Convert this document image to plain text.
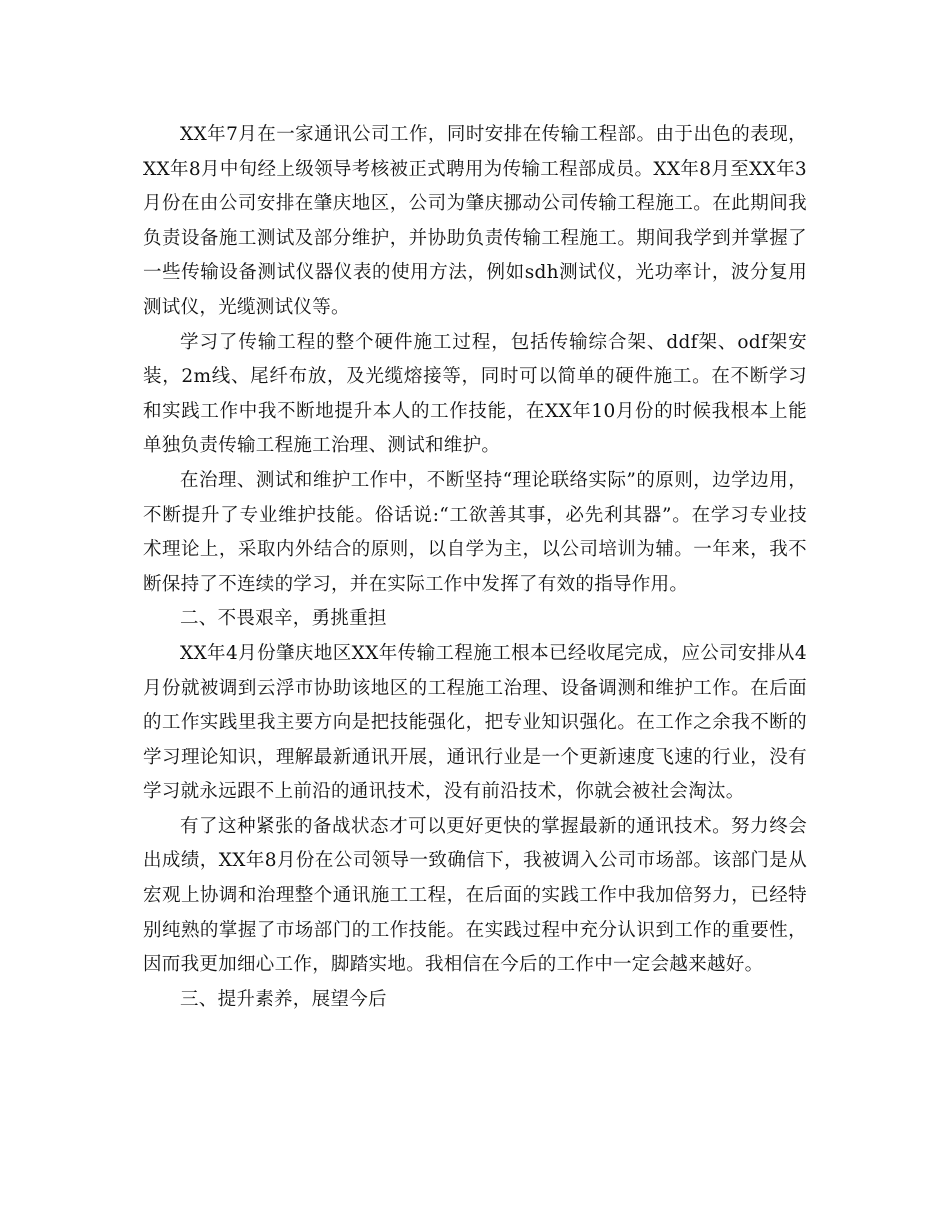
XX年7月在一家通讯公司工作，同时安排在传输工程部。由于出色的表现，XX年8月中旬经上级领导考核被正式聘用为传输工程部成员。XX年8月至XX年3月份在由公司安排在肇庆地区，公司为肇庆挪动公司传输工程施工。在此期间我负责设备施工测试及部分维护，并协助负责传输工程施工。期间我学到并掌握了一些传输设备测试仪器仪表的使用方法，例如sdh测试仪，光功率计，波分复用测试仪，光缆测试仪等。

学习了传输工程的整个硬件施工过程，包括传输综合架、ddf架、odf架安装，2m线、尾纤布放，及光缆熔接等，同时可以简单的硬件施工。在不断学习和实践工作中我不断地提升本人的工作技能，在XX年10月份的时候我根本上能单独负责传输工程施工治理、测试和维护。

在治理、测试和维护工作中，不断坚持“理论联络实际”的原则，边学边用，不断提升了专业维护技能。俗话说:“工欲善其事，必先利其器”。在学习专业技术理论上，采取内外结合的原则，以自学为主，以公司培训为辅。一年来，我不断保持了不连续的学习，并在实际工作中发挥了有效的指导作用。

二、不畏艰辛，勇挑重担

XX年4月份肇庆地区XX年传输工程施工根本已经收尾完成，应公司安排从4月份就被调到云浮市协助该地区的工程施工治理、设备调测和维护工作。在后面的工作实践里我主要方向是把技能强化，把专业知识强化。在工作之余我不断的学习理论知识，理解最新通讯开展，通讯行业是一个更新速度飞速的行业，没有学习就永远跟不上前沿的通讯技术，没有前沿技术，你就会被社会淘汰。

有了这种紧张的备战状态才可以更好更快的掌握最新的通讯技术。努力终会出成绩，XX年8月份在公司领导一致确信下，我被调入公司市场部。该部门是从宏观上协调和治理整个通讯施工工程，在后面的实践工作中我加倍努力，已经特别纯熟的掌握了市场部门的工作技能。在实践过程中充分认识到工作的重要性，因而我更加细心工作，脚踏实地。我相信在今后的工作中一定会越来越好。

三、提升素养，展望今后
